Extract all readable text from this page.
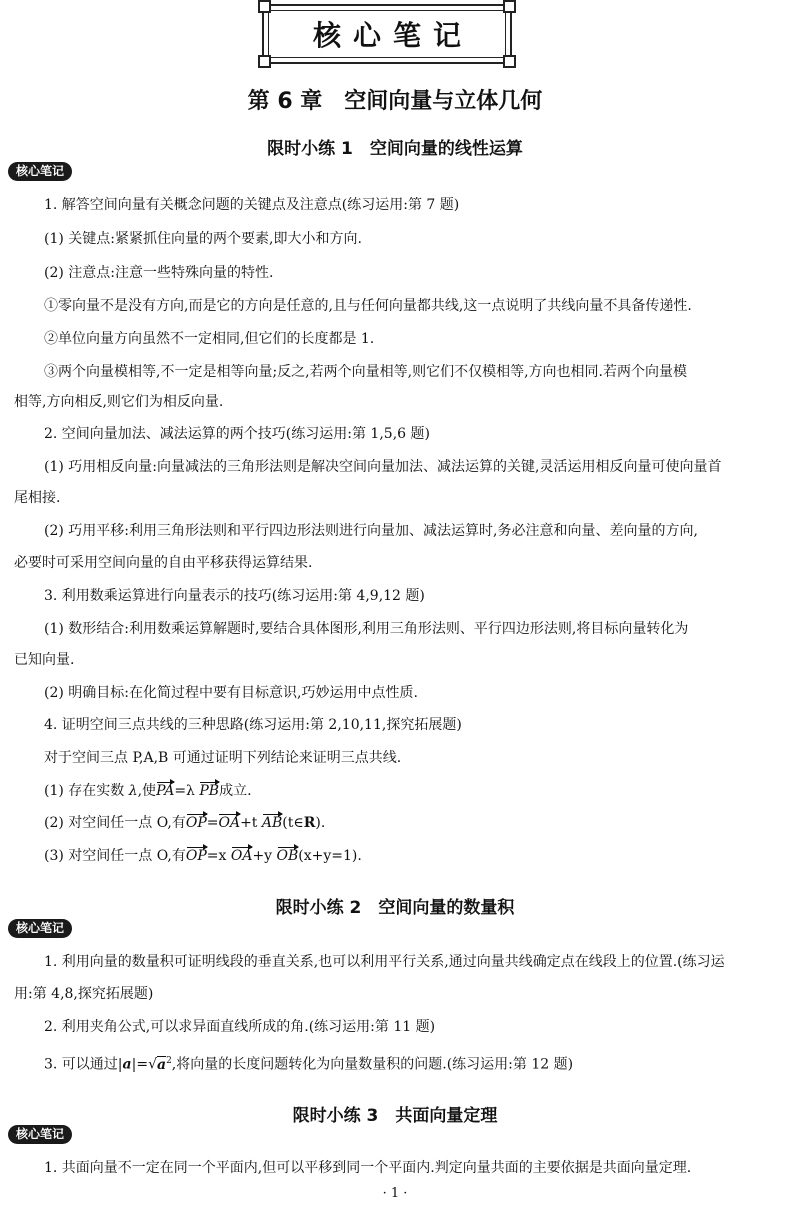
核心笔记
第 6 章　空间向量与立体几何
限时小练 1　空间向量的线性运算
核心笔记
1. 解答空间向量有关概念问题的关键点及注意点(练习运用:第 7 题)
(1) 关键点:紧紧抓住向量的两个要素,即大小和方向.
(2) 注意点:注意一些特殊向量的特性.
①零向量不是没有方向,而是它的方向是任意的,且与任何向量都共线,这一点说明了共线向量不具备传递性.
②单位向量方向虽然不一定相同,但它们的长度都是 1.
③两个向量模相等,不一定是相等向量;反之,若两个向量相等,则它们不仅模相等,方向也相同.若两个向量模
相等,方向相反,则它们为相反向量.
2. 空间向量加法、减法运算的两个技巧(练习运用:第 1,5,6 题)
(1) 巧用相反向量:向量减法的三角形法则是解决空间向量加法、减法运算的关键,灵活运用相反向量可使向量首
尾相接.
(2) 巧用平移:利用三角形法则和平行四边形法则进行向量加、减法运算时,务必注意和向量、差向量的方向,
必要时可采用空间向量的自由平移获得运算结果.
3. 利用数乘运算进行向量表示的技巧(练习运用:第 4,9,12 题)
(1) 数形结合:利用数乘运算解题时,要结合具体图形,利用三角形法则、平行四边形法则,将目标向量转化为
已知向量.
(2) 明确目标:在化简过程中要有目标意识,巧妙运用中点性质.
4. 证明空间三点共线的三种思路(练习运用:第 2,10,11,探究拓展题)
对于空间三点 P,A,B 可通过证明下列结论来证明三点共线.
(1) 存在实数 λ,使PA=λ PB成立.
(2) 对空间任一点 O,有OP=OA+t AB(t∈R).
(3) 对空间任一点 O,有OP=x OA+y OB(x+y=1).
限时小练 2　空间向量的数量积
核心笔记
1. 利用向量的数量积可证明线段的垂直关系,也可以利用平行关系,通过向量共线确定点在线段上的位置.(练习运
用:第 4,8,探究拓展题)
2. 利用夹角公式,可以求异面直线所成的角.(练习运用:第 11 题)
3. 可以通过$|a|=√a^2$,将向量的长度问题转化为向量数量积的问题.(练习运用:第 12 题)
限时小练 3　共面向量定理
核心笔记
1. 共面向量不一定在同一个平面内,但可以平移到同一个平面内.判定向量共面的主要依据是共面向量定理.
· 1 ·
